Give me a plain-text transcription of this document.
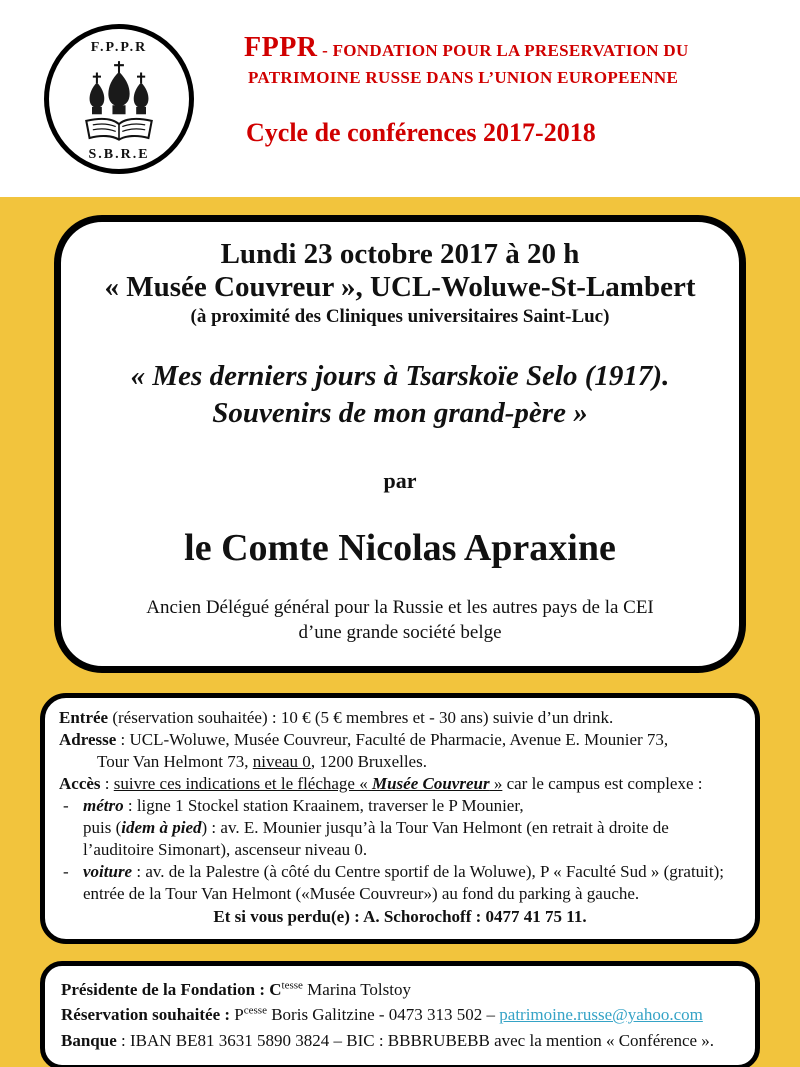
F.P.P.R
S.B.R.E
FPPR - FONDATION POUR LA PRESERVATION DU
PATRIMOINE RUSSE DANS L’UNION EUROPEENNE
Cycle de conférences 2017-2018
Lundi 23 octobre 2017 à 20 h
« Musée Couvreur », UCL-Woluwe-St-Lambert
(à proximité des Cliniques universitaires Saint-Luc)
« Mes derniers jours à Tsarskoïe Selo (1917).
Souvenirs de mon grand-père »
par
le Comte Nicolas Apraxine
Ancien Délégué général pour la Russie et les autres pays de la CEI
d’une grande société belge
Entrée (réservation souhaitée) : 10 € (5 € membres et - 30 ans) suivie d’un drink.
Adresse : UCL-Woluwe, Musée Couvreur, Faculté de Pharmacie, Avenue E. Mounier 73,
Tour Van Helmont 73, niveau 0, 1200 Bruxelles.
Accès : suivre ces indications et le fléchage « Musée Couvreur » car le campus est complexe :
- métro : ligne 1 Stockel station Kraainem, traverser le P Mounier,
puis (idem à pied) : av. E. Mounier jusqu’à la Tour Van Helmont (en retrait à droite de l’auditoire Simonart), ascenseur niveau 0.
- voiture : av. de la Palestre (à côté du Centre sportif de la Woluwe), P « Faculté Sud » (gratuit); entrée de la Tour Van Helmont («Musée Couvreur») au fond du parking à gauche.
Et si vous perdu(e) : A. Schorochoff : 0477 41 75 11.
Présidente de la Fondation : $C^{tesse}$ Marina Tolstoy
Réservation souhaitée : $P^{cesse}$ Boris Galitzine - 0473 313 502 – patrimoine.russe@yahoo.com
Banque : IBAN BE81 3631 5890 3824 – BIC : BBBRUBEBB avec la mention « Conférence ».
